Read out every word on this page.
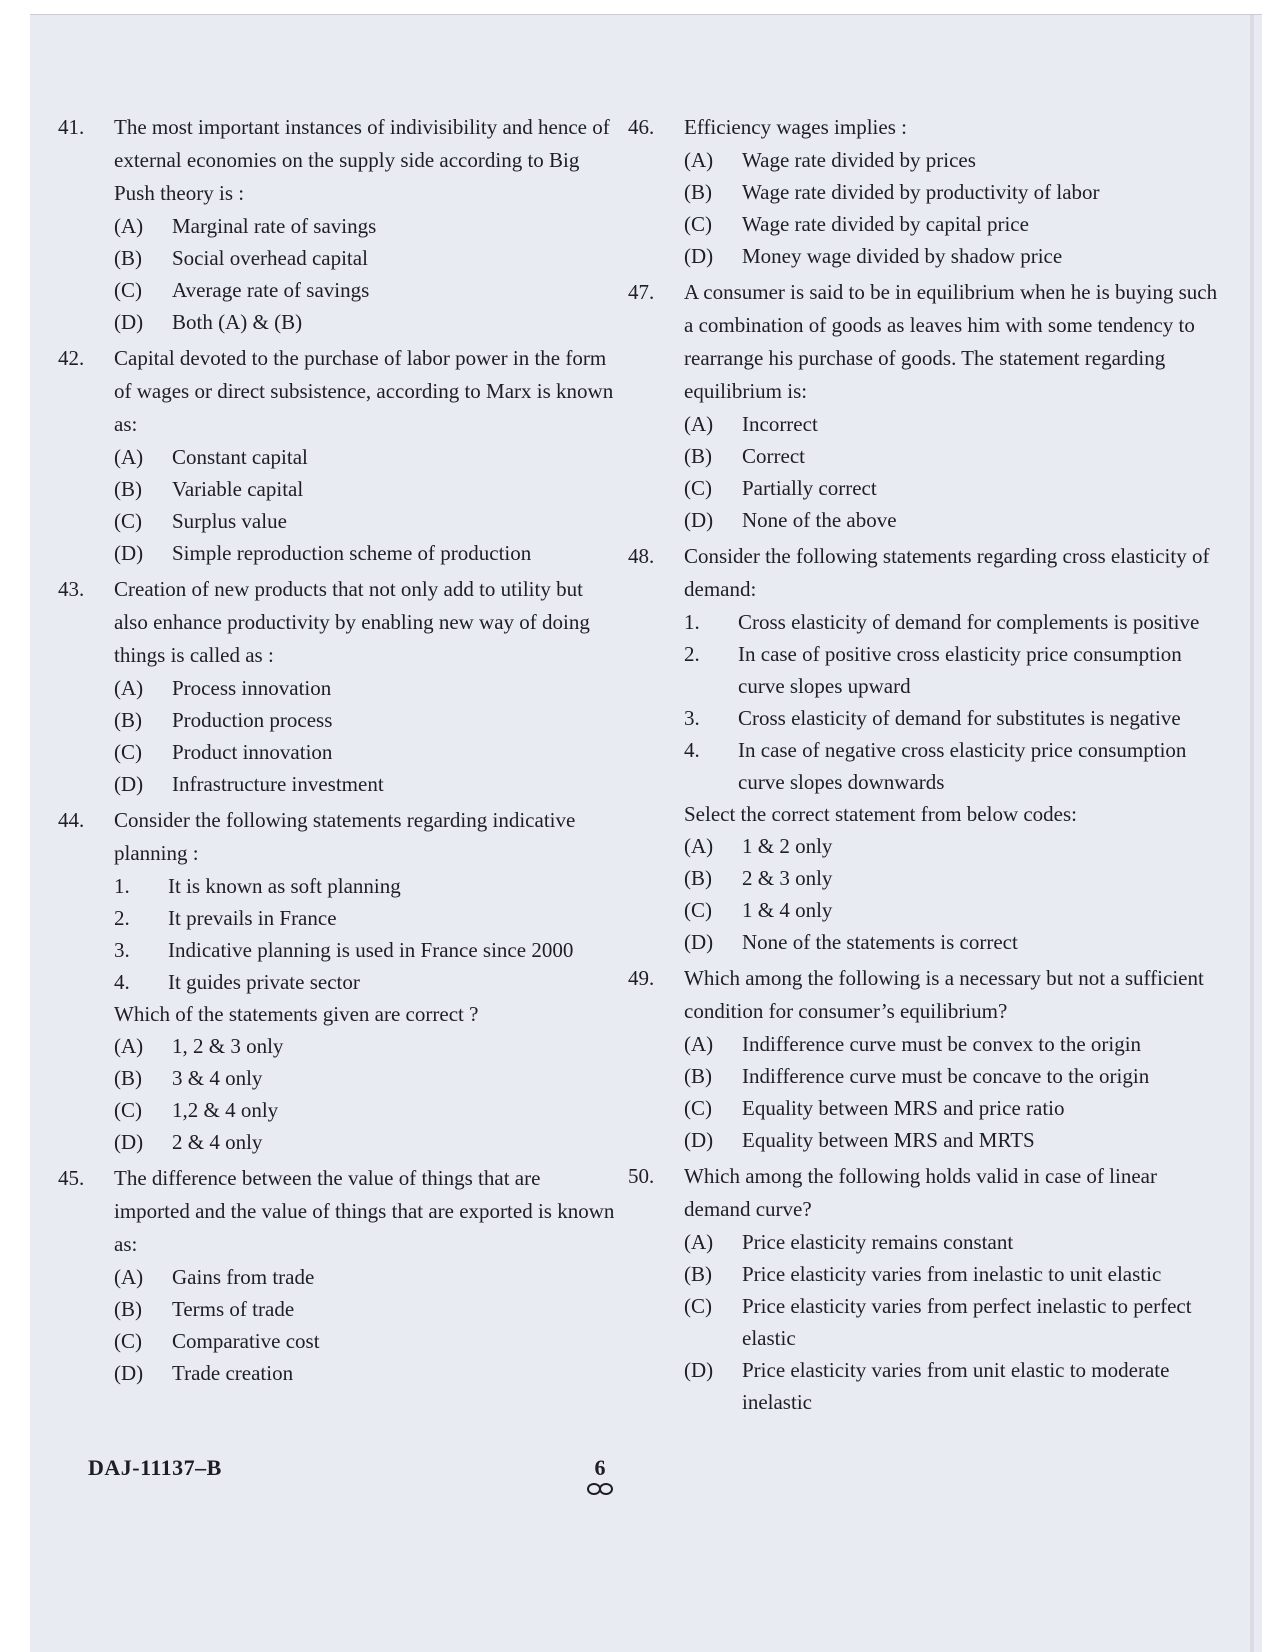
41.	The most important instances of indivisibility and hence of external economies on the supply side according to Big Push theory is :
(A)	Marginal rate of savings
(B)	Social overhead capital
(C)	Average rate of savings
(D)	Both (A) & (B)
42.	Capital devoted to the purchase of labor power in the form of wages or direct subsistence, according to Marx is known as:
(A)	Constant capital
(B)	Variable capital
(C)	Surplus value
(D)	Simple reproduction scheme of production
43.	Creation of new products that not only add to utility but also enhance productivity by enabling new way of doing things is called as :
(A)	Process innovation
(B)	Production process
(C)	Product innovation
(D)	Infrastructure investment
44.	Consider the following statements regarding indicative planning :
1.	It is known as soft planning
2.	It prevails in France
3.	Indicative planning is used in France since 2000
4.	It guides private sector
Which of the statements given are correct ?
(A)	1, 2 & 3 only
(B)	3 & 4 only
(C)	1,2 & 4 only
(D)	2 & 4 only
45.	The difference between the value of things that are imported and the value of things that are exported is known as:
(A)	Gains from trade
(B)	Terms of trade
(C)	Comparative cost
(D)	Trade creation
46.	Efficiency wages implies :
(A)	Wage rate divided by prices
(B)	Wage rate divided by productivity of labor
(C)	Wage rate divided by capital price
(D)	Money wage divided by shadow price
47.	A consumer is said to be in equilibrium when he is buying such a combination of goods as leaves him with some tendency to rearrange his purchase of goods. The statement regarding equilibrium is:
(A)	Incorrect
(B)	Correct
(C)	Partially correct
(D)	None of the above
48.	Consider the following statements regarding cross elasticity of demand:
1.	Cross elasticity of demand for complements is positive
2.	In case of positive cross elasticity price consumption curve slopes upward
3.	Cross elasticity of demand for substitutes is negative
4.	In case of negative cross elasticity price consumption curve slopes downwards
Select the correct statement from below codes:
(A)	1 & 2 only
(B)	2 & 3 only
(C)	1 & 4 only
(D)	None of the statements is correct
49.	Which among the following is a necessary but not a sufficient condition for consumer’s equilibrium?
(A)	Indifference curve must be convex to the origin
(B)	Indifference curve must be concave to the origin
(C)	Equality between MRS and price ratio
(D)	Equality between MRS and MRTS
50.	Which among the following holds valid in case of linear demand curve?
(A)	Price elasticity remains constant
(B)	Price elasticity varies from inelastic to unit elastic
(C)	Price elasticity varies from perfect inelastic to perfect elastic
(D)	Price elasticity varies from unit elastic to moderate inelastic
DAJ-11137–B	6
